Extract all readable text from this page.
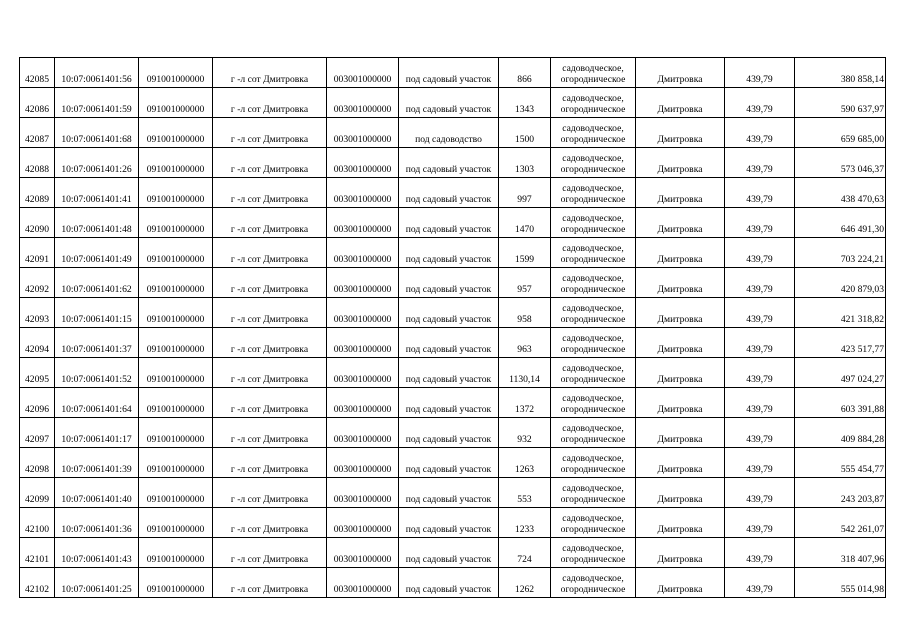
42085	10:07:0061401:56	091001000000	г -л сот Дмитровка	003001000000	под садовый участок	866	садоводческое,
огородническое	Дмитровка	439,79	380 858,14
42086	10:07:0061401:59	091001000000	г -л сот Дмитровка	003001000000	под садовый участок	1343	садоводческое,
огородническое	Дмитровка	439,79	590 637,97
42087	10:07:0061401:68	091001000000	г -л сот Дмитровка	003001000000	под садоводство	1500	садоводческое,
огородническое	Дмитровка	439,79	659 685,00
42088	10:07:0061401:26	091001000000	г -л сот Дмитровка	003001000000	под садовый участок	1303	садоводческое,
огородническое	Дмитровка	439,79	573 046,37
42089	10:07:0061401:41	091001000000	г -л сот Дмитровка	003001000000	под садовый участок	997	садоводческое,
огородническое	Дмитровка	439,79	438 470,63
42090	10:07:0061401:48	091001000000	г -л сот Дмитровка	003001000000	под садовый участок	1470	садоводческое,
огородническое	Дмитровка	439,79	646 491,30
42091	10:07:0061401:49	091001000000	г -л сот Дмитровка	003001000000	под садовый участок	1599	садоводческое,
огородническое	Дмитровка	439,79	703 224,21
42092	10:07:0061401:62	091001000000	г -л сот Дмитровка	003001000000	под садовый участок	957	садоводческое,
огородническое	Дмитровка	439,79	420 879,03
42093	10:07:0061401:15	091001000000	г -л сот Дмитровка	003001000000	под садовый участок	958	садоводческое,
огородническое	Дмитровка	439,79	421 318,82
42094	10:07:0061401:37	091001000000	г -л сот Дмитровка	003001000000	под садовый участок	963	садоводческое,
огородническое	Дмитровка	439,79	423 517,77
42095	10:07:0061401:52	091001000000	г -л сот Дмитровка	003001000000	под садовый участок	1130,14	садоводческое,
огородническое	Дмитровка	439,79	497 024,27
42096	10:07:0061401:64	091001000000	г -л сот Дмитровка	003001000000	под садовый участок	1372	садоводческое,
огородническое	Дмитровка	439,79	603 391,88
42097	10:07:0061401:17	091001000000	г -л сот Дмитровка	003001000000	под садовый участок	932	садоводческое,
огородническое	Дмитровка	439,79	409 884,28
42098	10:07:0061401:39	091001000000	г -л сот Дмитровка	003001000000	под садовый участок	1263	садоводческое,
огородническое	Дмитровка	439,79	555 454,77
42099	10:07:0061401:40	091001000000	г -л сот Дмитровка	003001000000	под садовый участок	553	садоводческое,
огородническое	Дмитровка	439,79	243 203,87
42100	10:07:0061401:36	091001000000	г -л сот Дмитровка	003001000000	под садовый участок	1233	садоводческое,
огородническое	Дмитровка	439,79	542 261,07
42101	10:07:0061401:43	091001000000	г -л сот Дмитровка	003001000000	под садовый участок	724	садоводческое,
огородническое	Дмитровка	439,79	318 407,96
42102	10:07:0061401:25	091001000000	г -л сот Дмитровка	003001000000	под садовый участок	1262	садоводческое,
огородническое	Дмитровка	439,79	555 014,98
